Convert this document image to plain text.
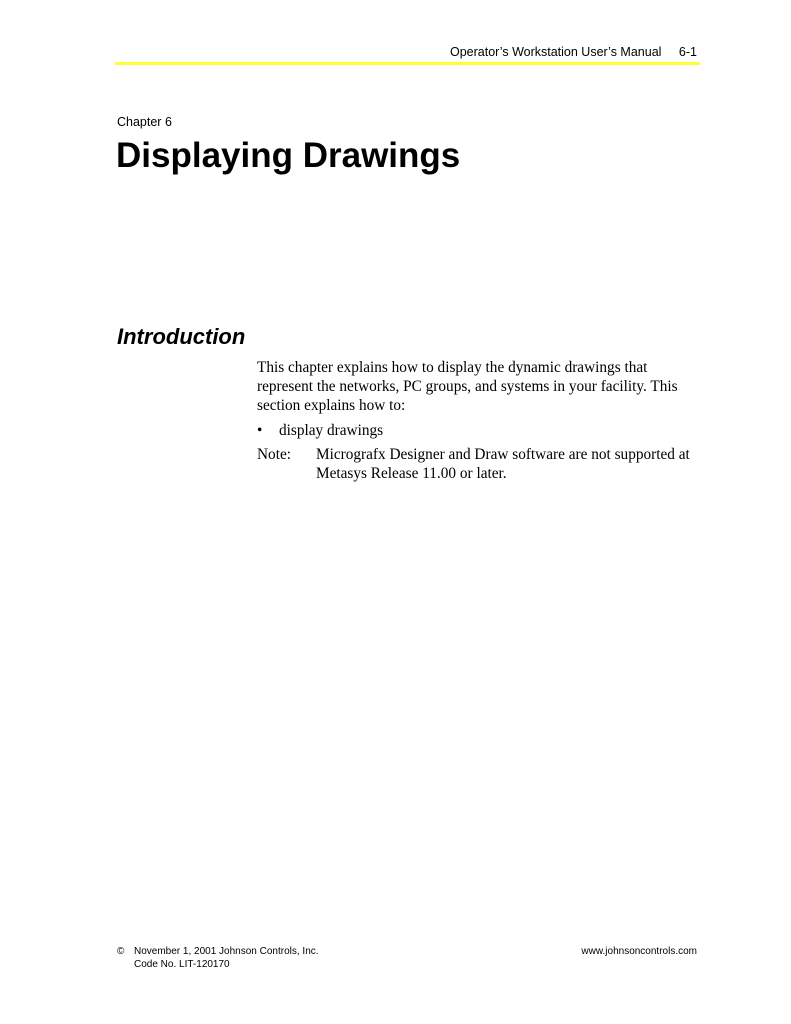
Operator’s Workstation User’s Manual 6-1
Chapter 6
Displaying Drawings
Introduction
This chapter explains how to display the dynamic drawings that represent the networks, PC groups, and systems in your facility. This section explains how to:
•	display drawings
Note:	Micrografx Designer and Draw software are not supported at Metasys Release 11.00 or later.
© November 1, 2001 Johnson Controls, Inc.
Code No. LIT-120170
www.johnsoncontrols.com
